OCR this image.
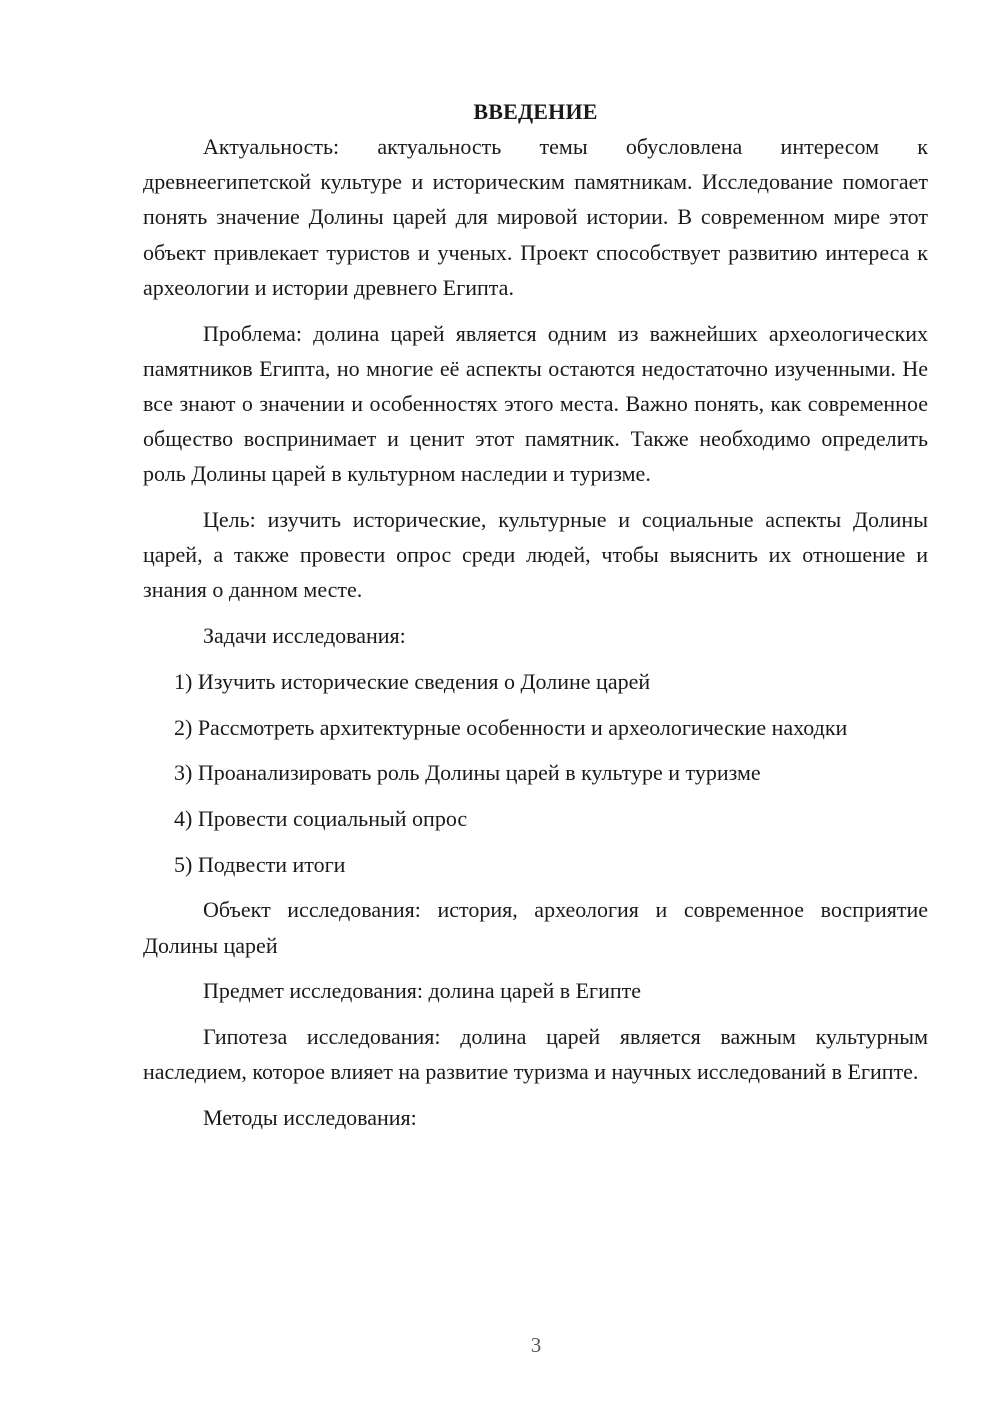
ВВЕДЕНИЕ

Актуальность: актуальность темы обусловлена интересом к древнеегипетской культуре и историческим памятникам. Исследование помогает понять значение Долины царей для мировой истории. В современном мире этот объект привлекает туристов и ученых. Проект способствует развитию интереса к археологии и истории древнего Египта.

Проблема: долина царей является одним из важнейших археологических памятников Египта, но многие её аспекты остаются недостаточно изученными. Не все знают о значении и особенностях этого места. Важно понять, как современное общество воспринимает и ценит этот памятник. Также необходимо определить роль Долины царей в культурном наследии и туризме.

Цель: изучить исторические, культурные и социальные аспекты Долины царей, а также провести опрос среди людей, чтобы выяснить их отношение и знания о данном месте.

Задачи исследования:

1) Изучить исторические сведения о Долине царей

2) Рассмотреть архитектурные особенности и археологические находки

3) Проанализировать роль Долины царей в культуре и туризме

4) Провести социальный опрос

5) Подвести итоги

Объект исследования: история, археология и современное восприятие Долины царей

Предмет исследования: долина царей в Египте

Гипотеза исследования: долина царей является важным культурным наследием, которое влияет на развитие туризма и научных исследований в Египте.

Методы исследования:

3
